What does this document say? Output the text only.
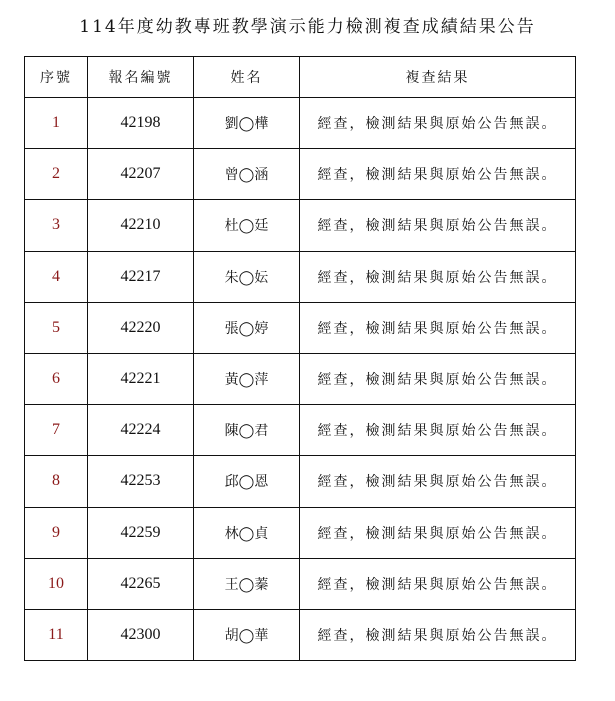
114年度幼教專班教學演示能力檢測複查成績結果公告
序號	報名編號	姓名	複查結果
1	42198	劉◯樺	經查，檢測結果與原始公告無誤。
2	42207	曾◯涵	經查，檢測結果與原始公告無誤。
3	42210	杜◯廷	經查，檢測結果與原始公告無誤。
4	42217	朱◯妘	經查，檢測結果與原始公告無誤。
5	42220	張◯婷	經查，檢測結果與原始公告無誤。
6	42221	黃◯萍	經查，檢測結果與原始公告無誤。
7	42224	陳◯君	經查，檢測結果與原始公告無誤。
8	42253	邱◯恩	經查，檢測結果與原始公告無誤。
9	42259	林◯貞	經查，檢測結果與原始公告無誤。
10	42265	王◯蓁	經查，檢測結果與原始公告無誤。
11	42300	胡◯華	經查，檢測結果與原始公告無誤。
